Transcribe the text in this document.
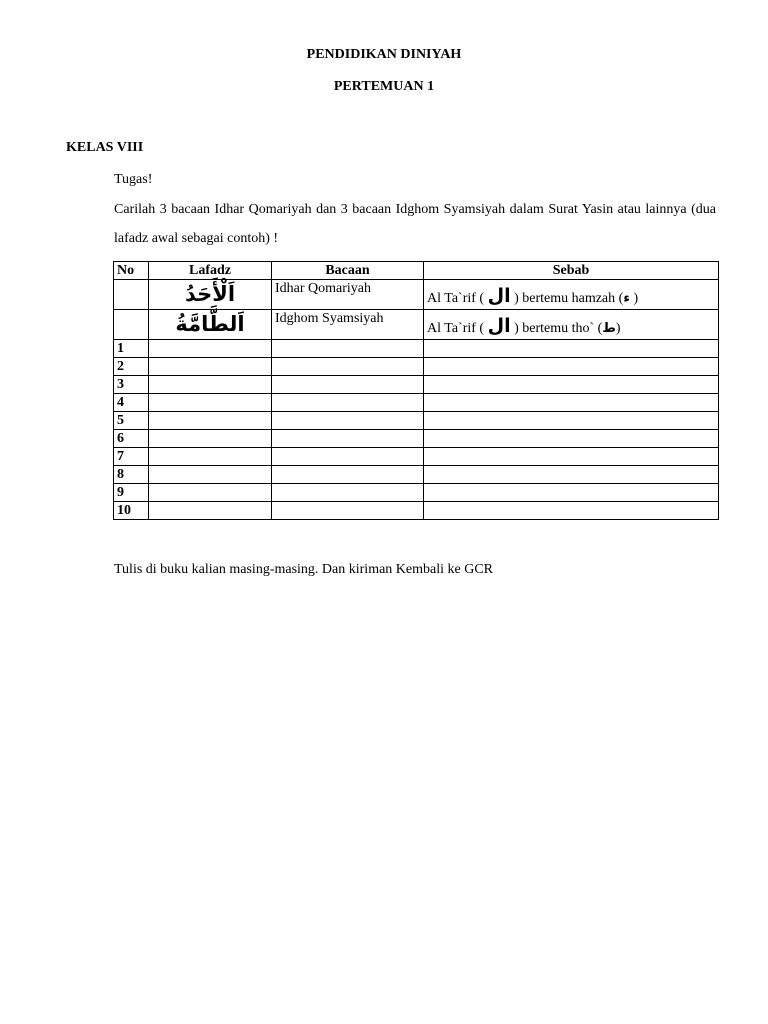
PENDIDIKAN DINIYAH
PERTEMUAN 1
KELAS VIII
Tugas!
Carilah 3 bacaan Idhar Qomariyah dan 3 bacaan Idghom Syamsiyah dalam Surat Yasin atau lainnya (dua lafadz awal sebagai contoh) !
No	Lafadz	Bacaan	Sebab

	اَلْأَحَدُ	Idhar Qomariyah	Al Ta`rif ( ال ) bertemu hamzah (ء )

	اَلطَّامَّةُ	Idghom Syamsiyah	Al Ta`rif ( ال ) bertemu tho` (ط)
1			
2			
3			
4			
5			
6			
7			
8			
9			
10			
Tulis di buku kalian masing-masing. Dan kiriman Kembali ke GCR
